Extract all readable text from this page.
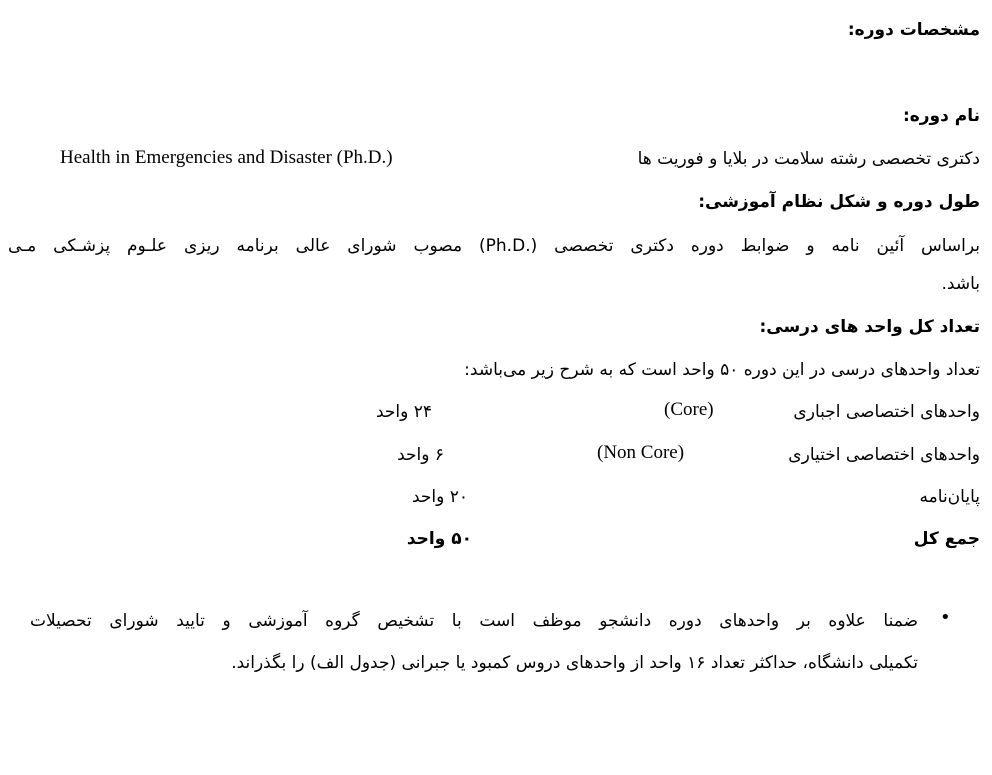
مشخصات دوره:
نام دوره:
دکتری تخصصی رشته سلامت در بلایا و فوریت ها
Health in Emergencies and Disaster (Ph.D.)
طول دوره و شکل نظام آموزشی:
براساس آئین نامه و ضوابط دوره دکتری تخصصی (.Ph.D) مصوب شورای عالی برنامه ریزی علـوم پزشـکی مـی
باشد.
تعداد کل واحد های درسی:
تعداد واحدهای درسی در این دوره ۵۰ واحد است که به شرح زیر می‌باشد:
واحدهای اختصاصی اجباری
(Core)
۲۴ واحد
واحدهای اختصاصی اختیاری
(Non Core)
۶ واحد
پایان‌نامه
۲۰ واحد
جمع کل
۵۰ واحد
•
ضمنا علاوه بر واحدهای دوره دانشجو موظف است با تشخیص گروه آموزشی و تایید شورای تحصیلات
تکمیلی دانشگاه، حداکثر تعداد ۱۶ واحد از واحدهای دروس کمبود یا جبرانی (جدول الف) را بگذراند.
